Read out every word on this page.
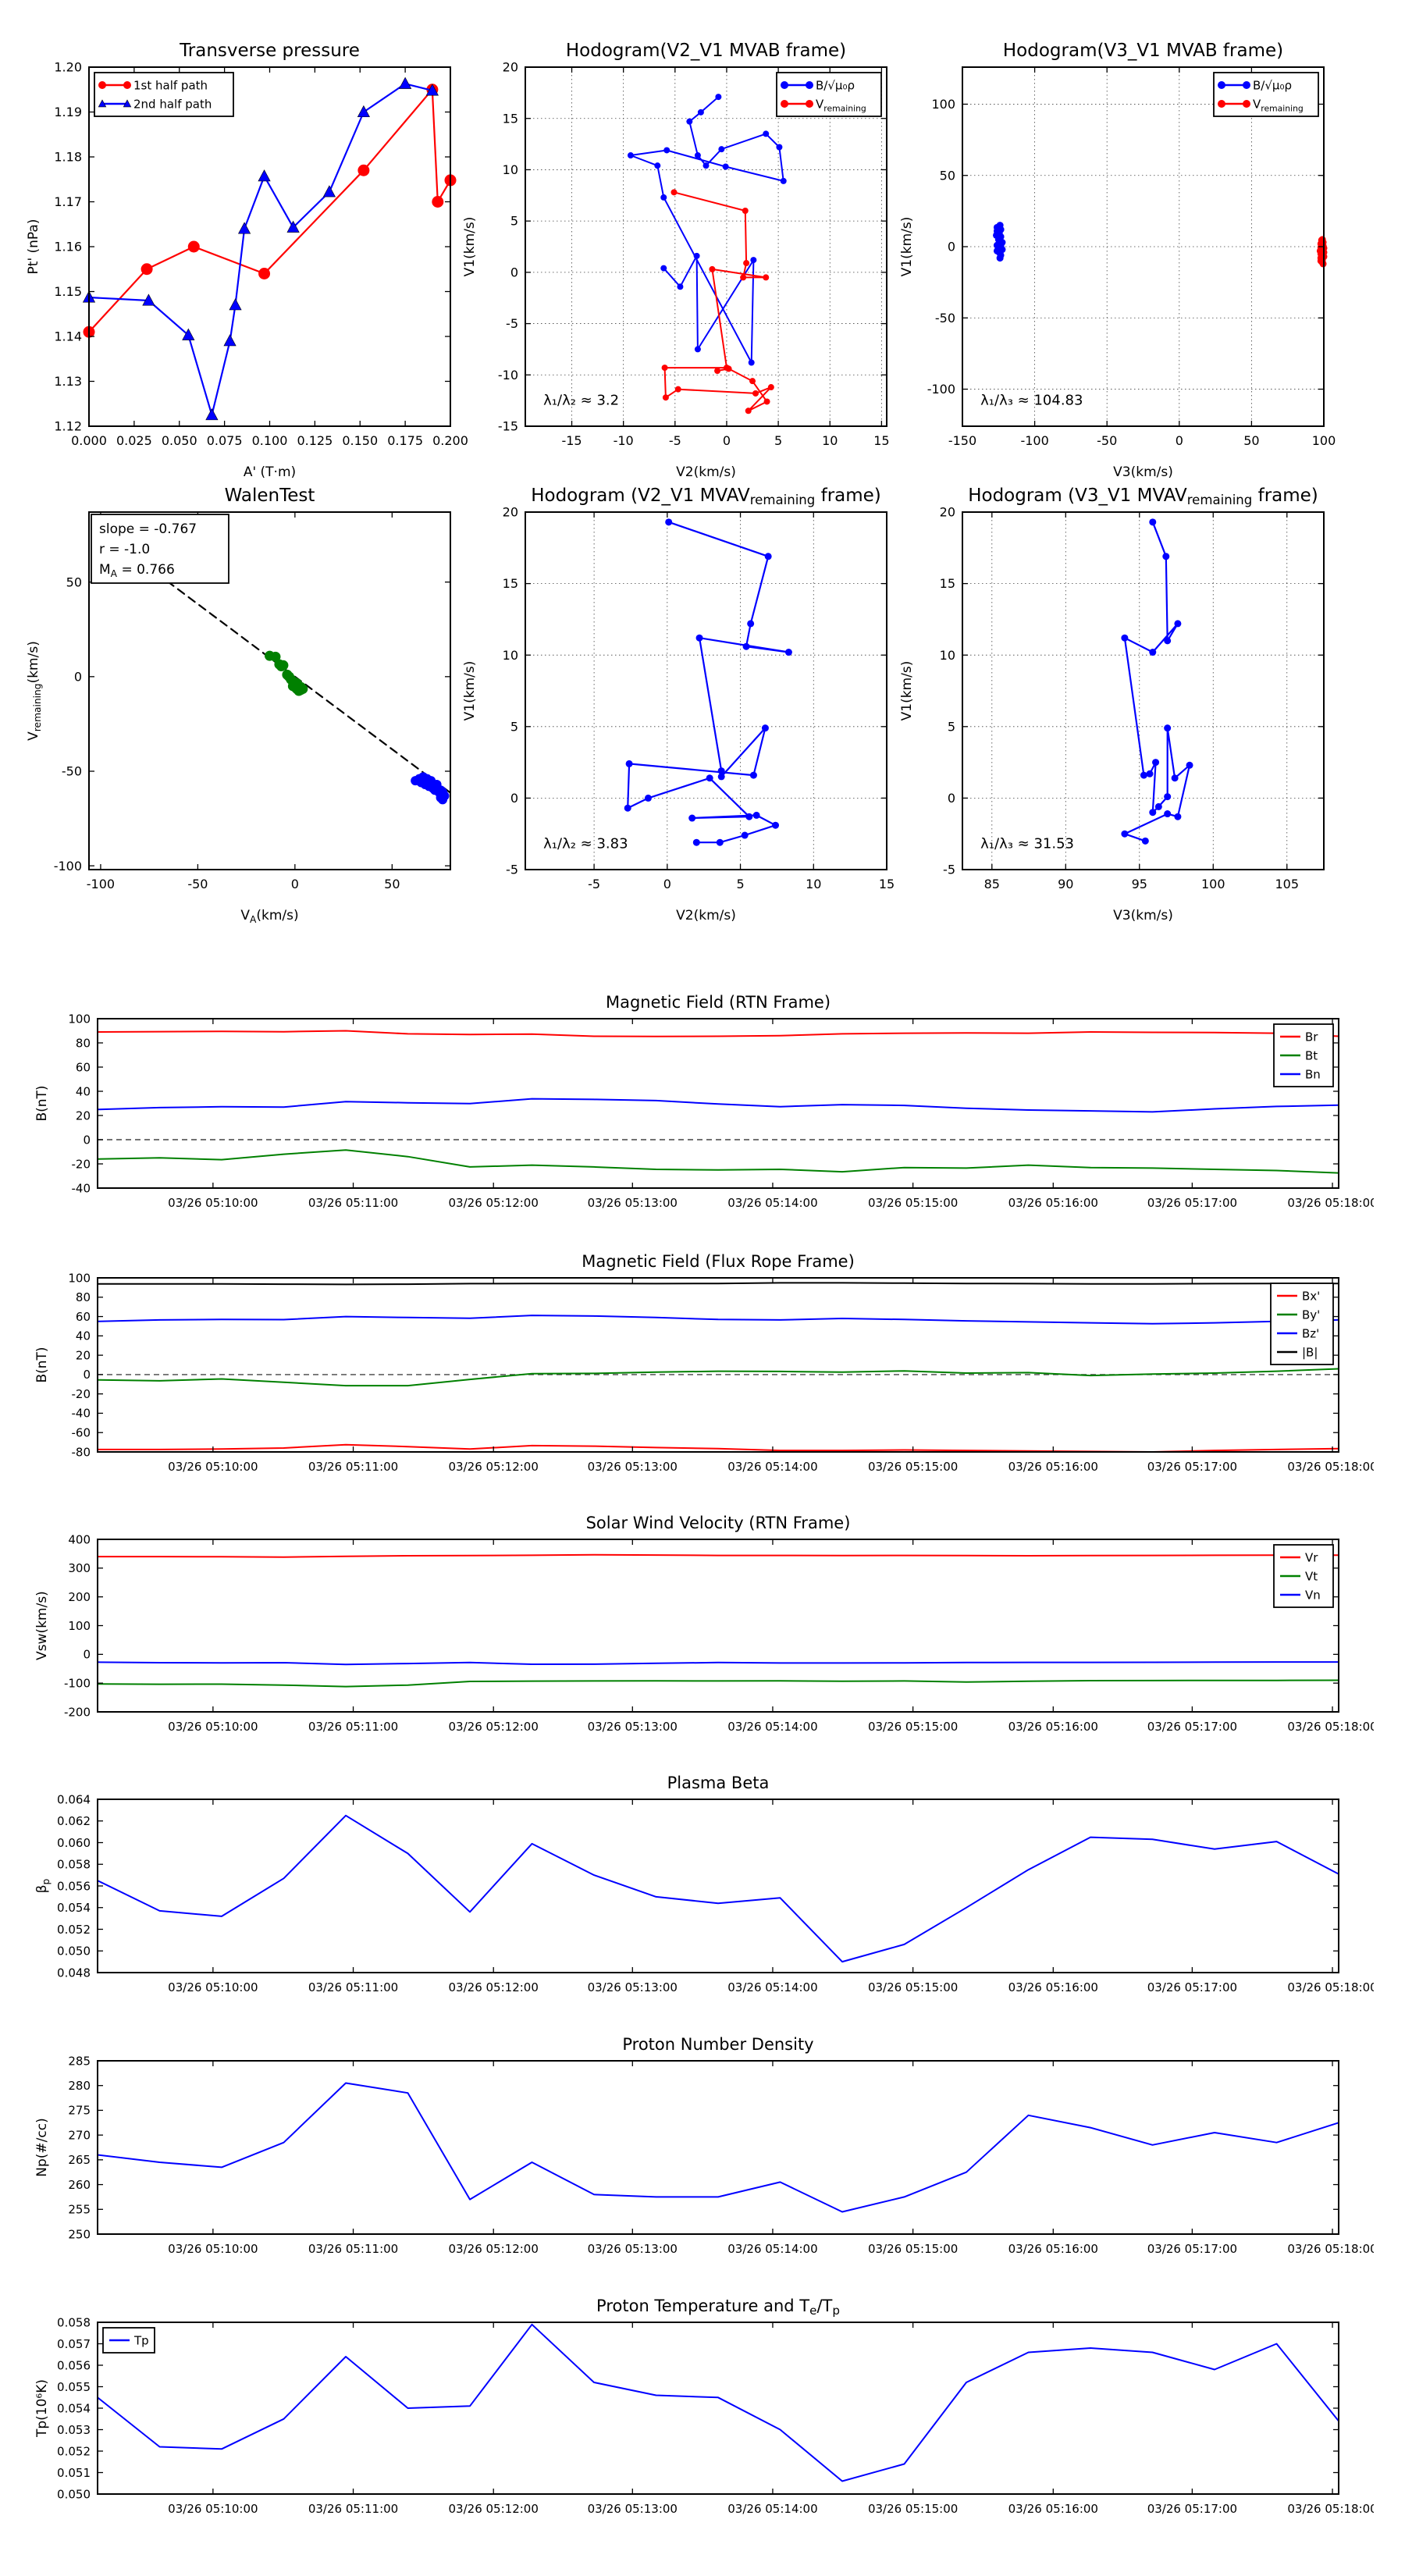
0.000 0.025 0.050 0.075 0.100 0.125 0.150 0.175 0.200
1.12
1.13
1.14
1.15
1.16
1.17
1.18
1.19
1.20
Transverse pressure
A' (T·m)
Pt' (nPa)
1st half path
2nd half path
-15	-10	-5	0	5	10	15
-15
-10
-5
0
5
10
15
20
Hodogram(V2_V1 MVAB frame)
V2(km/s)
V1(km/s)
B/√μ₀ρ
$V_{remaining}$
λ₁/λ₂ ≈ 3.2
-150	-100	-50	0	50	100
-100
-50
0
50
100
Hodogram(V3_V1 MVAB frame)
V3(km/s)
V1(km/s)
B/√μ₀ρ
$V_{remaining}$
λ₁/λ₃ ≈ 104.83
-100	-50	0	50
-100
-50
0
50
WalenTest
$V_A(km/s)$
$V_{remaining}(km/s)$
slope = -0.767
r = -1.0
$M_A = 0.766$
-5	0	5	10	15
-5
0
5
10
15
20
Hodogram (V2_V1 MVAVremaining frame)
V2(km/s)
V1(km/s)
λ₁/λ₂ ≈ 3.83
85	90	95	100	105
-5
0
5
10
15
20
Hodogram (V3_V1 MVAVremaining frame)
V3(km/s)
V1(km/s)
λ₁/λ₃ ≈ 31.53
03/26 05:10:00	03/26 05:11:00	03/26 05:12:00	03/26 05:13:00	03/26 05:14:00	03/26 05:15:00	03/26 05:16:00	03/26 05:17:00	03/26 05:18:00
-40
-20
0
20
40
60
80
100
Magnetic Field (RTN Frame)
B(nT)
Br
Bt
Bn
03/26 05:10:00	03/26 05:11:00	03/26 05:12:00	03/26 05:13:00	03/26 05:14:00	03/26 05:15:00	03/26 05:16:00	03/26 05:17:00	03/26 05:18:00
-80
-60
-40
-20
0
20
40
60
80
100
Magnetic Field (Flux Rope Frame)
B(nT)
Bx'
By'
Bz'
|B|
03/26 05:10:00	03/26 05:11:00	03/26 05:12:00	03/26 05:13:00	03/26 05:14:00	03/26 05:15:00	03/26 05:16:00	03/26 05:17:00	03/26 05:18:00
-200
-100
0
100
200
300
400
Solar Wind Velocity (RTN Frame)
Vsw(km/s)
Vr
Vt
Vn
03/26 05:10:00	03/26 05:11:00	03/26 05:12:00	03/26 05:13:00	03/26 05:14:00	03/26 05:15:00	03/26 05:16:00	03/26 05:17:00	03/26 05:18:00
0.048
0.050
0.052
0.054
0.056
0.058
0.060
0.062
0.064
Plasma Beta
$\beta_p$
03/26 05:10:00	03/26 05:11:00	03/26 05:12:00	03/26 05:13:00	03/26 05:14:00	03/26 05:15:00	03/26 05:16:00	03/26 05:17:00	03/26 05:18:00
250
255
260
265
270
275
280
285
Proton Number Density
Np(#/cc)
03/26 05:10:00	03/26 05:11:00	03/26 05:12:00	03/26 05:13:00	03/26 05:14:00	03/26 05:15:00	03/26 05:16:00	03/26 05:17:00	03/26 05:18:00
0.050
0.051
0.052
0.053
0.054
0.055
0.056
0.057
0.058
Proton Temperature and Te/Tp
Tp(10⁶K)
Tp
